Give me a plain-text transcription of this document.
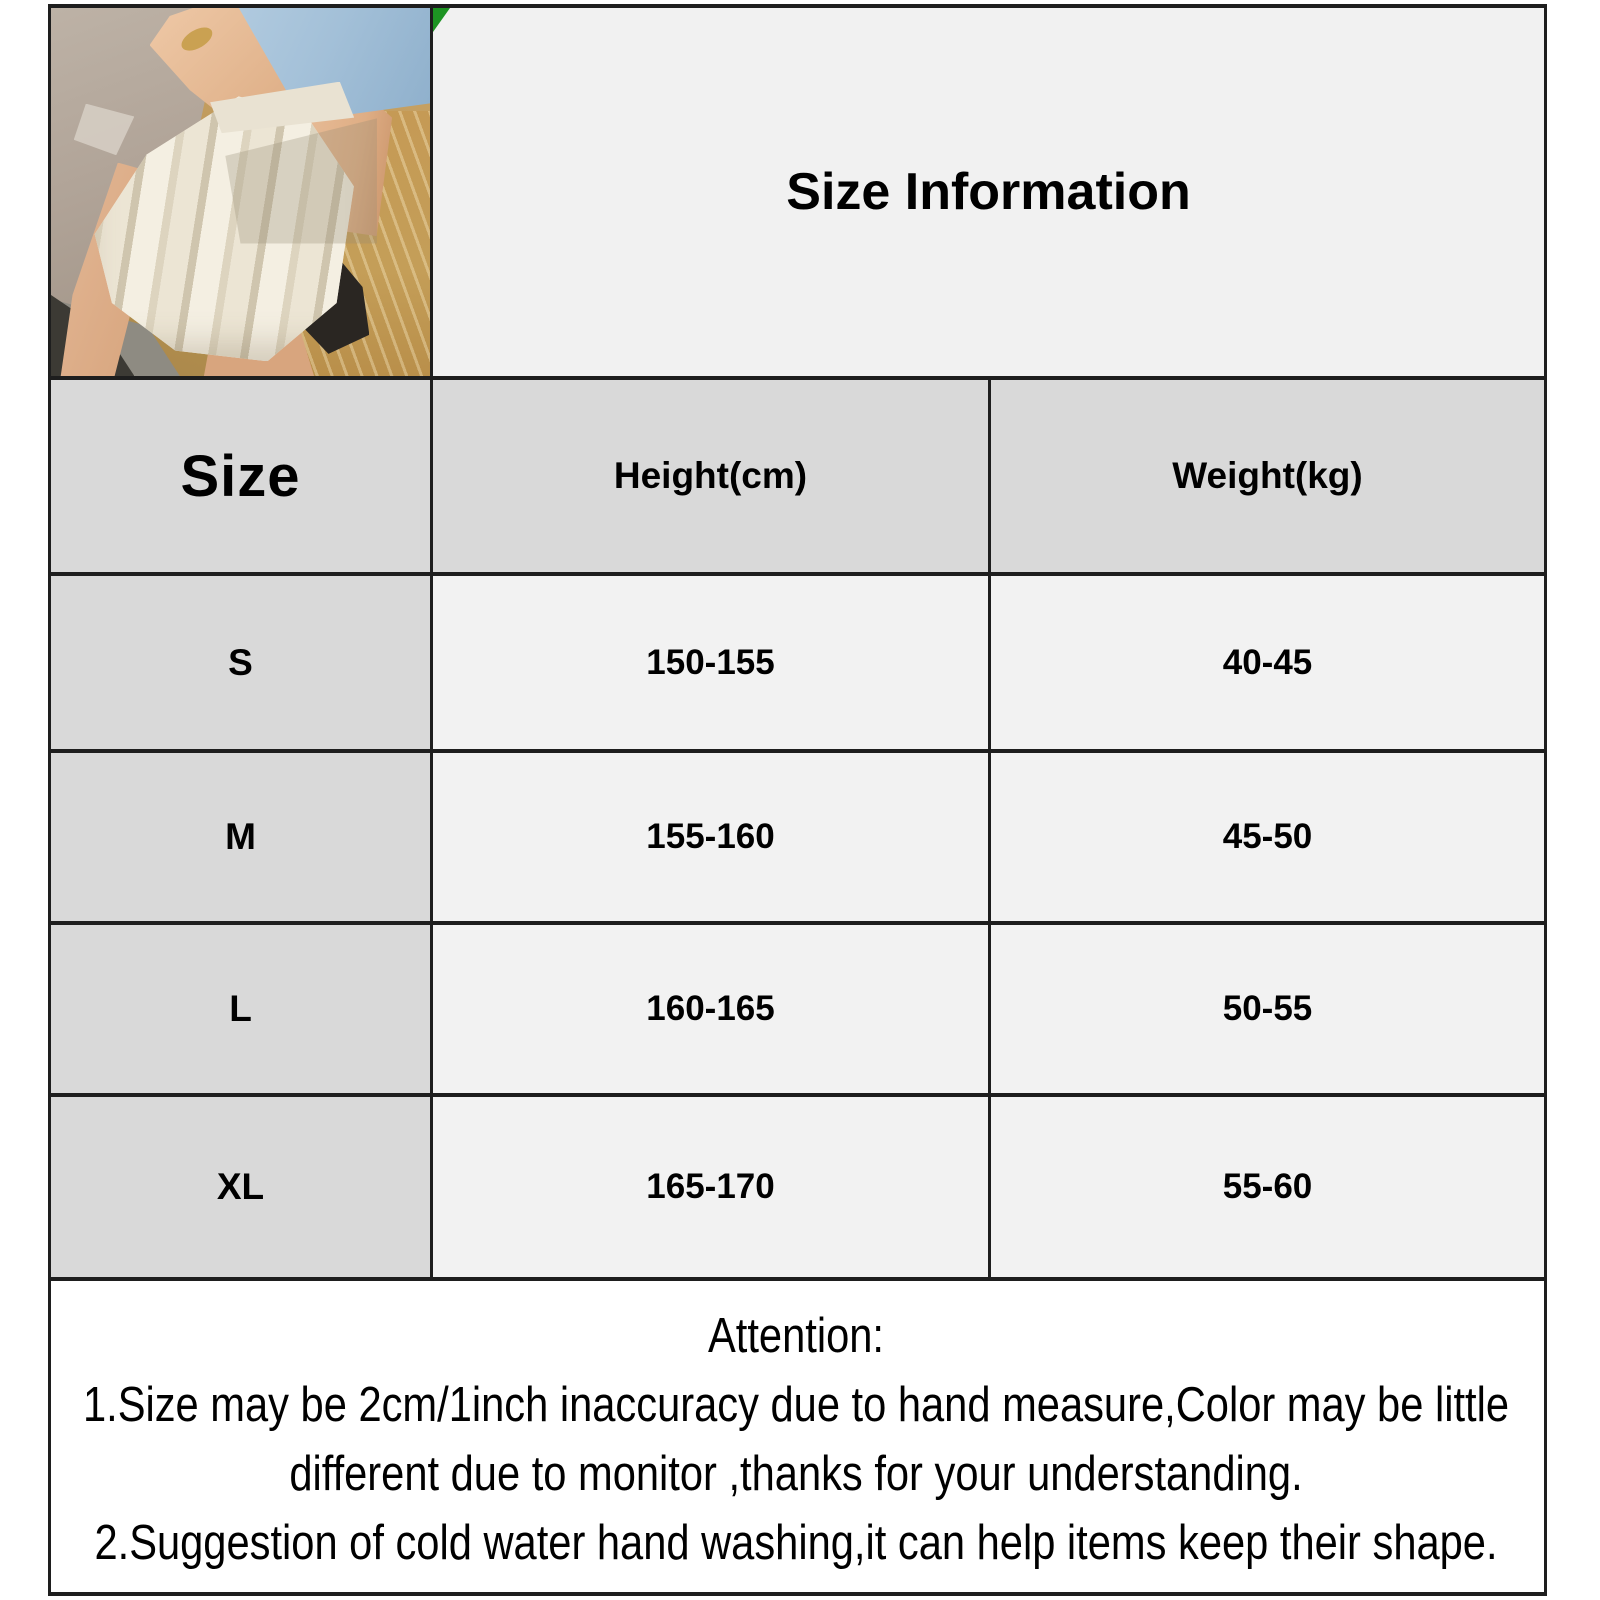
Size Information	
Size	Height(cm)	Weight(kg)
S	150-155	40-45
M	155-160	45-50
L	160-165	50-55
XL	165-170	55-60

Attention:
1.Size may be 2cm/1inch inaccuracy due to hand measure,Color may be little different due to monitor ,thanks for your understanding.
2.Suggestion of cold water hand washing,it can help items keep their shape.		
